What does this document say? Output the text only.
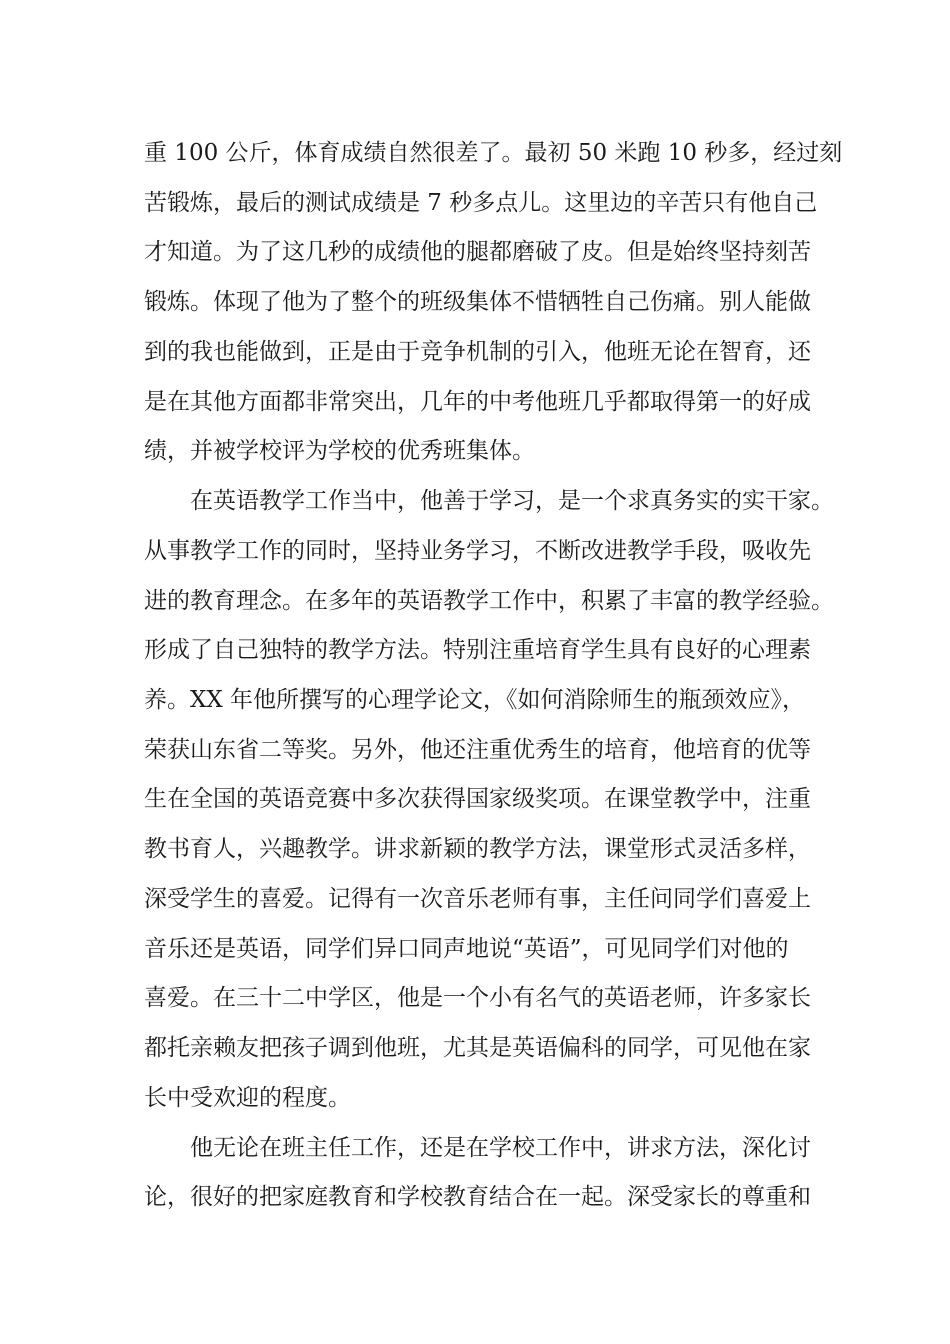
重 100 公斤，体育成绩自然很差了。最初 50 米跑 10 秒多，经过刻
苦锻炼，最后的测试成绩是 7 秒多点儿。这里边的辛苦只有他自己
才知道。为了这几秒的成绩他的腿都磨破了皮。但是始终坚持刻苦
锻炼。体现了他为了整个的班级集体不惜牺牲自己伤痛。别人能做
到的我也能做到，正是由于竞争机制的引入，他班无论在智育，还
是在其他方面都非常突出，几年的中考他班几乎都取得第一的好成
绩，并被学校评为学校的优秀班集体。
在英语教学工作当中，他善于学习，是一个求真务实的实干家。
从事教学工作的同时，坚持业务学习，不断改进教学手段，吸收先
进的教育理念。在多年的英语教学工作中，积累了丰富的教学经验。
形成了自己独特的教学方法。特别注重培育学生具有良好的心理素
养。XX 年他所撰写的心理学论文，《如何消除师生的瓶颈效应》，
荣获山东省二等奖。另外，他还注重优秀生的培育，他培育的优等
生在全国的英语竞赛中多次获得国家级奖项。在课堂教学中，注重
教书育人，兴趣教学。讲求新颖的教学方法，课堂形式灵活多样，
深受学生的喜爱。记得有一次音乐老师有事，主任问同学们喜爱上
音乐还是英语，同学们异口同声地说“英语”，可见同学们对他的
喜爱。在三十二中学区，他是一个小有名气的英语老师，许多家长
都托亲赖友把孩子调到他班，尤其是英语偏科的同学，可见他在家
长中受欢迎的程度。
他无论在班主任工作，还是在学校工作中，讲求方法，深化讨
论，很好的把家庭教育和学校教育结合在一起。深受家长的尊重和
